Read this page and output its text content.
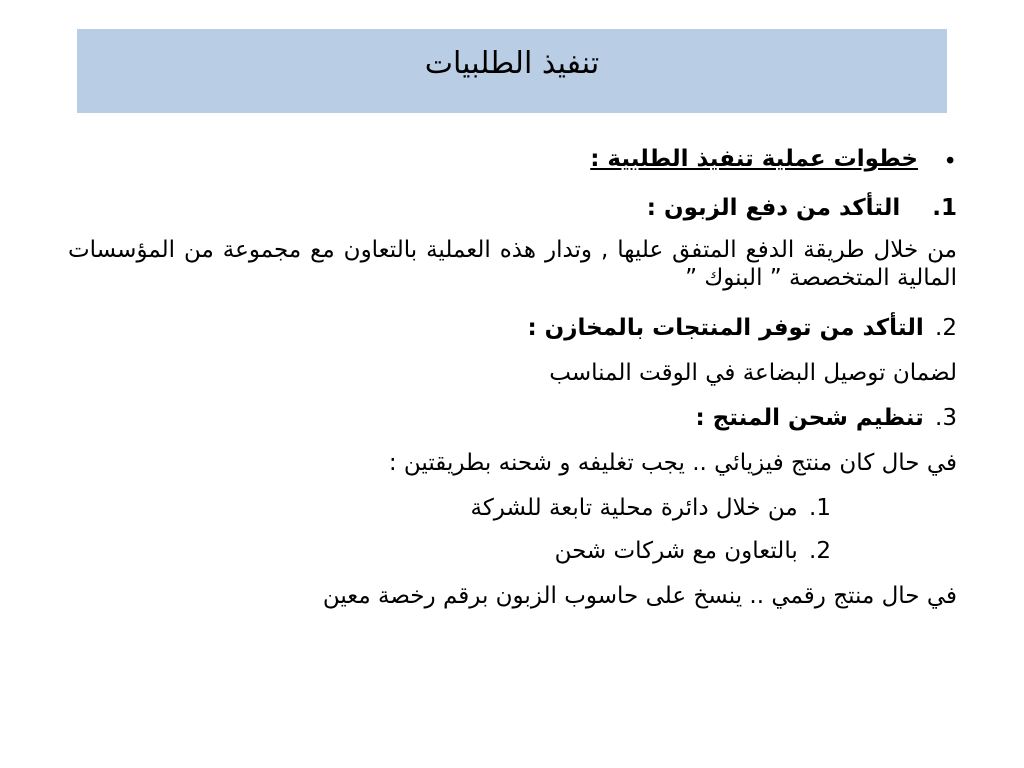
تنفيذ الطلبيات
•
خطوات عملية تنفيذ الطلبية :
1. التأكد من دفع الزبون :
من خلال طريقة الدفع المتفق عليها , وتدار هذه العملية بالتعاون مع مجموعة من المؤسسات المالية المتخصصة ” البنوك ”
2. التأكد من توفر المنتجات بالمخازن :
لضمان توصيل البضاعة في الوقت المناسب
3. تنظيم شحن المنتج :
في حال كان منتج فيزيائي .. يجب تغليفه و شحنه بطريقتين :
1. من خلال دائرة محلية تابعة للشركة
2. بالتعاون مع شركات شحن
في حال منتج رقمي .. ينسخ على حاسوب الزبون برقم رخصة معين
